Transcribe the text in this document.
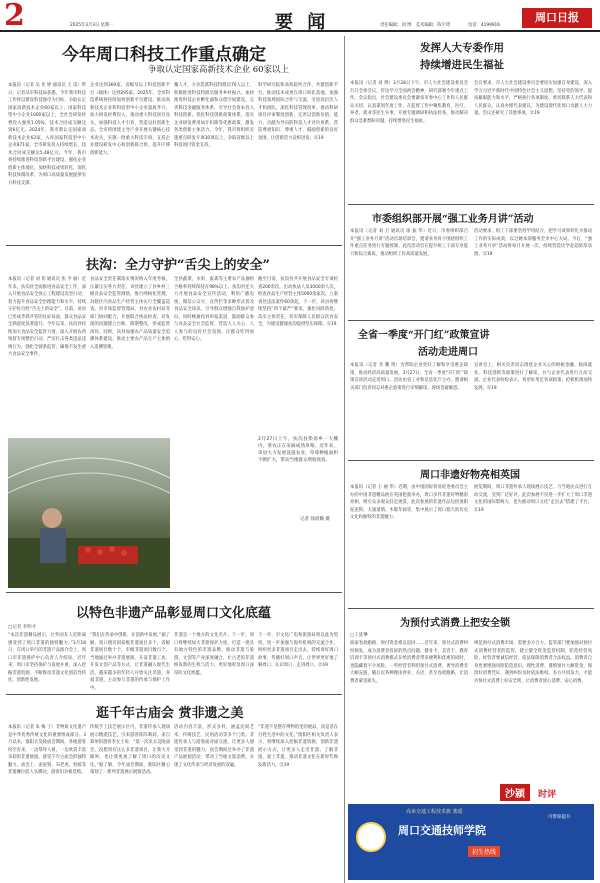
2	2025年3月3日 星期一	要 闻	责任编辑：刘 博　美术编辑：陈宇琦	电话：4199916
周口日报
今年周口科技工作重点确定
争取认定国家高新技术企业 60家以上
本报讯（记者 吴 亚 婷 通讯员 王 雷）昨日，记者从市科技局获悉，今年我市科技工作将以建设科技强市为目标，争取认定国家高新技术企业60家以上，国家科技型中小企业1000家以上，全社会研发经费投入强度1.05%，技术合同成交额达到6亿元。2024年，我市新认定国家高新技术企业63家，入库国家科技型中小企业871家，全市研发投入持续增长，技术合同成交额达5.48亿元。今年，我市将持续推进科技创新平台建设，强化企业创新主体地位，加快科技成果转化，深化科技体制改革，为周口高质量发展提供有力科技支撑。
企业达到369家，省级及以上科技创新平台（载体）达到295家。2025年，全市科技系统将持续加快创新平台建设，推动高新技术企业和科技型中小企业量质齐升，加大研发经费投入，推动重大科技项目攻关，加强科技人才引育，营造良好创新生态。全市将围绕主导产业开展关键核心技术攻关，实施一批重大科技专项，支持企业建设研发中心和创新联合体，提升区域创新能力。
覆人才，力争选派科技特派员70人以上，积极推进科技特派员服务乡村振兴。加快推进科技企业孵化器和众创空间建设，完善科技金融服务体系，引导社会资本投入科技创新。优化科技创新政策体系，落实企业研发费用加计扣除等优惠政策，激发各类创新主体活力。今年，我市将组织实施重点研发专项30项以上，争取省级以上科技项目资金支持。
科学研究院和高校院所合作，共建创新平台，推动技术成果在周口转化落地。加强科技领域国际合作与交流，引进高层次人才和团队。深化科技管理改革，推动科研项目评审制度创新，完善以创新价值、能力、贡献为导向的科技人才评价体系，营造尊重知识、尊重人才、鼓励创新的良好氛围，让创新活力竞相迸发。㉑19
发挥人大专委作用
持续增进民生福祉
本报讯（记者 刘 博）3月28日下午，市人大社会建设委员会召开全体会议，传达学习全国两会精神，研究部署今年重点工作。会议指出，社会建设委员会要紧扣市委中心工作和人民群众关切，认真谋划年度工作，在监督工作中聚焦教育、医疗、养老、就业等民生实事，开展专题调研和执法检查，推动解决群众急难愁盼问题，持续增进民生福祉。
会议要求，市人大社会建设委员会要切实加强自身建设，深入学习习近平新时代中国特色社会主义思想，坚持党的领导，提高履职能力和水平，严格执行各项制度，密切联系人大代表和人民群众，认真办理代表建议，为建设现代化周口贡献人大力量。会议还研究了其他事项。㉑19
市委组织部开展“强工业务月讲”活动
本报讯（记者 刘 卫 通讯员 徐 振 华）近日，市委组织部召开“强工业务月讲”活动首场培训会，邀请业务骨干围绕组织工作重点任务进行专题授课。此次活动旨在提升组工干部专业能力和综合素质，推动组织工作高质量发展。
活动要求，组工干部要坚持学用结合，把学习成果转化为推动工作的实际成效，以过硬本领服务全市中心大局。今后，“强工业务月讲”活动将每月开展一次，持续营造比学赶超浓厚氛围。㉑19
扶沟：全力守护“舌尖上的安全”
本报讯（记者 刘 伟 通讯员 张 平 丽）近年来，扶沟县全面推进食品安全工作，深入开展食品安全放心工程建设攻坚行动，着力提升食品安全治理能力和水平，持续守护好百姓“舌尖上的安全”。目前，该县已形成齐抓共管的良好局面，群众食品安全满意度显著提升。今年以来，扶沟县持续加大食品安全监管力度，深入开展农药残留专项整治行动，严厉打击各类违法违规行为，强化全链条监管，确保不发生重大食品安全事件。
食品安全责任制落实情况纳入年度考核，压紧压实各方责任。该县建立了县乡村三级食品安全监管网络，推行网格化管理，对辖区内食品生产经营主体实行全覆盖巡查。县市场监督管理局、县农业农村局等部门协同配合，开展联合执法检查，对发现的问题建立台账、限期整改，形成监管闭环。同时，该县加强农产品质量安全追溯体系建设，推动主要农产品生产主体纳入追溯管理。
全县蔬菜、水果、畜禽等主要农产品抽检合格率持续保持在98%以上。扶沟县还大力开展食品安全宣传活动，利用广播电视、微信公众号、宣传栏等多种形式普及食品安全知识，引导群众增强自我保护意识。同时畅通投诉举报渠道，鼓励群众参与食品安全社会监督，营造人人关心、人人参与的良好社会氛围，让群众吃得放心、吃得安心。
截至目前，扶沟县共开展食品安全专项检查200余次，出动执法人员3000余人次，检查食品生产经营主体5000余家次，立案查处违法案件60余起。下一步，该县将继续坚持“四个最严”要求，强化风险防控，落实主体责任，切实保障人民群众饮食安全，为建设健康扶沟提供坚实保障。㉑19
2月27日上午，扶沟县柴岗乡一大棚内，菜农正在采摘成熟草莓。近年来，该县大力发展设施农业，草莓种植面积不断扩大，带动当地群众增收致富。
记者 徐晨璐 摄
全省一季度“开门红”政策宣讲
活动走进周口
本报讯（记者 李 鹏 鸣）为帮助企业更好了解和享受惠企政策，推动经济高质量发展，3月27日，全省一季度“开门红”政策宣讲活动走进周口。活动由省工业和信息化厅主办，邀请相关部门负责同志对惠企政策进行详细解读，现场答疑解惑。
宣讲会上，相关负责同志围绕企业关心的财税金融、稳岗就业、科技创新等政策进行了解读，并与企业代表进行互动交流。企业代表纷纷表示，将用好用足各项政策，抢抓机遇加快发展。㉑19
周口非遗好物亮相英国
本报讯（记者 王 丽 华）近期，由中国国际贸易促进委员会主办的中国非遗精品展在英国伦敦举办，周口多件非遗好物精彩亮相，吸引众多观众驻足观赏。此次参展的非遗作品包括淮阳泥泥狗、太康道情、木版年画等，集中展示了周口悠久的历史文化和独特的非遗魅力。
展览期间，周口非遗传承人现场展示技艺，与当地民众进行互动交流，受到广泛好评。此次参展不仅进一步扩大了周口非遗文化的国际影响力，也为推动周口文化“走出去”搭建了平台。㉑19
以特色非遗产品彰显周口文化底蕴
□记者 李明才
“本次非遗精品展示，让外国友人近距离感受到了周口非遗的独特魅力。”3月18日，在周口举行的非遗产品推介会上，周口市非遗保护中心负责人介绍说。近年来，周口市坚持保护与发展并重，深入挖掘非遗资源，不断推动非遗文化创造性转化、创新性发展。
“我们在传承中创新，在创新中发展。”据了解，周口拥有国家级非遗项目多个，省级非遗项目数十个，市级非遗项目数百个。当地通过举办非遗展演、开设非遗工坊、开发文创产品等方式，让非遗融入现代生活。越来越多的年轻人开始关注非遗、喜爱非遗，主动参与非遗的传承与保护工作中。
非遗是一个地方的文化名片。下一步，周口将继续加大非遗保护力度，打造一批具有地方特色的非遗品牌，推动非遗与旅游、文创等产业深度融合，让古老的非遗焕发新的生机与活力，更好地彰显周口深厚的文化底蕴。
下一步，市文化广电和旅游局将以此为契机，进一步加强与海外机构的交流合作，组织更多非遗项目走出去，持续讲好周口故事，传播好周口声音，让世界更好地了解周口、认识周口、走进周口。㉑19
逛千年古庙会 赏非遗之美
本报讯（记者 朱 梅 子）非物质文化遗产是中华优秀传统文化的重要组成部分。3月以来，淮阳太昊陵庙会期间，各地游客纷至沓来，一边祭拜人祖，一边欣赏丰富多彩的非遗展演，感受千年古庙会的独特魅力。庙会上，泥泥狗、布老虎、剪纸等非遗摊位前人头攒动，游客们争相选购。
传统手工技艺展示区内，非遗传承人现场展示精湛技艺，引来游客阵阵喝彩。来自郑州的游客李女士说：“第一次来太昊陵庙会，没想到有这么多非遗项目，让我大开眼界，也让我更加了解了周口的历史文化。”据了解，今年庙会期间，淮阳区精心策划了一系列非遗展示展演活动。
活动内容丰富，形式多样，涵盖民间艺术、传统技艺、民俗活动等多个门类。非遗传承人与游客面对面交流，让更多人感受到非遗的魅力。庙会期间还举办了非遗产品展销活动，带动了当地文旅消费，实现了文化传承与经济发展的双赢。
“非遗不是摆在博物馆里的展品，而是活在百姓生活中的文化。”淮阳区相关负责人表示，将继续深入挖掘非遗资源，创新非遗展示方式，让更多人走近非遗、了解非遗、爱上非遗，推动非遗文化在新时代焕发新活力。㉑19
为预付式消费上把安全锁
□王犹犟
商家卷款跑路、预付资金难以追回……近年来，预付式消费纠纷频发，成为消费者投诉的热点问题。健身卡、美容卡、教育培训卡等预付式消费模式在给消费者带来便利和优惠的同时，也隐藏着不少风险。一些经营者利用预付式消费，诱导消费者大额充值，随后以各种理由停业、关店，甚至卷款跑路，让消费者蒙受损失。
规范预付式消费市场，需要多方合力。监管部门要加强对预付式消费经营者的监管，建立健全资金监管机制，防范经营风险。经营者要诚信经营，依法保障消费者合法权益。消费者自身也要增强风险防范意识，理性消费，谨慎预付大额资金，保留好消费凭证，遇到纠纷及时依法维权。多方共同发力，才能为预付式消费上好安全锁，让消费者放心消费、安心消费。
沙颍 时评
高举交通工程技术旗 骏遥
周口交通技师学院
招生热线
可带保提升
